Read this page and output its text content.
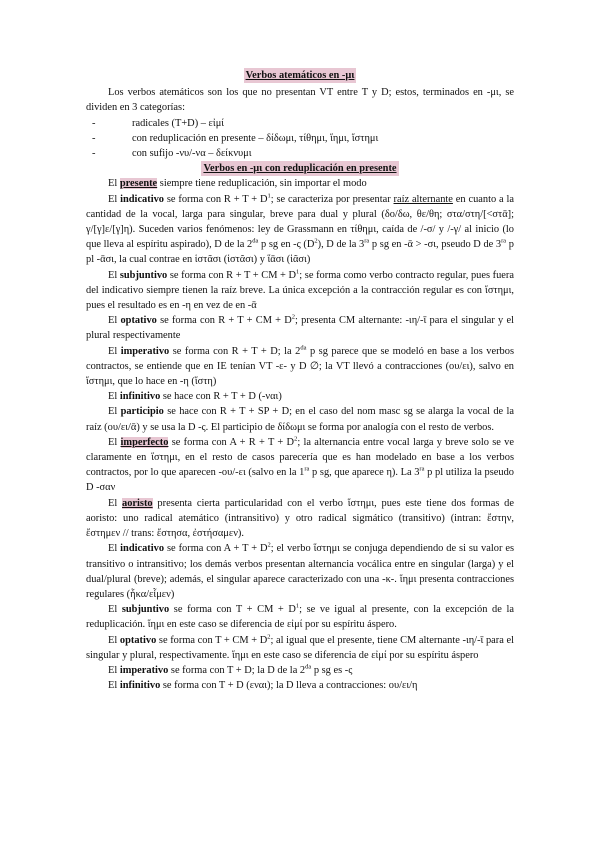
Verbos atemáticos en -μι

Los verbos atemáticos son los que no presentan VT entre T y D; estos, terminados en -μι, se dividen en 3 categorías:

- radicales (T+D) – εἰμί
- con reduplicación en presente – δίδωμι, τίθημι, ἵημι, ἵστημι
- con sufijo -νυ/-να – δείκνυμι

Verbos en -μι con reduplicación en presente

El presente siempre tiene reduplicación, sin importar el modo

El indicativo se forma con $R + T + D^1$; se caracteriza por presentar raíz alternante en cuanto a la cantidad de la vocal, larga para singular, breve para dual y plural (δο/δω, θε/θη; στα/στη/[<στᾱ]; γ/[γ]ε/[γ]η). Suceden varios fenómenos: ley de Grassmann en τίθημι, caída de /-σ/ y /-γ/ al inicio (lo que lleva al espíritu aspirado), D de la $2^{da}$ p sg en -ς $(D^2)$, D de la $3^{ra}$ p sg en -ᾱ > -σι, pseudo D de $3^{ra}$ p pl -ᾱσι, la cual contrae en ἱστᾶσι (ἱστᾶσι) y ἵᾱσι (ἱᾶσι)

El subjuntivo se forma con R + T + CM + $D^1$; se forma como verbo contracto regular, pues fuera del indicativo siempre tienen la raíz breve. La única excepción a la contracción regular es con ἵστημι, pues el resultado es en -η en vez de en -ᾱ

El optativo se forma con R + T + CM + $D^2$; presenta CM alternante: -ιη/-ῑ para el singular y el plural respectivamente

El imperativo se forma con R + T + D; la $2^{da}$ p sg parece que se modeló en base a los verbos contractos, se entiende que en IE tenían VT -ε- y D ∅; la VT llevó a contracciones (ου/ει), salvo en ἵστημι, que lo hace en -η (ἵστη)

El infinitivo se hace con R + T + D (-ναι)

El participio se hace con R + T + SP + D; en el caso del nom masc sg se alarga la vocal de la raíz (ου/ει/ᾱ) y se usa la D -ς. El participio de δίδωμι se forma por analogía con el resto de verbos.

El imperfecto se forma con $A + R + T + D^2$; la alternancia entre vocal larga y breve solo se ve claramente en ἵστημι, en el resto de casos parecería que es han modelado en base a los verbos contractos, por lo que aparecen -ου/-ει (salvo en la $1^{ra}$ p sg, que aparece η). La $3^{ra}$ p pl utiliza la pseudo D -σαν

El aoristo presenta cierta particularidad con el verbo ἵστημι, pues este tiene dos formas de aoristo: uno radical atemático (intransitivo) y otro radical sigmático (transitivo) (intran: ἔστην, ἔστημεν // trans: ἔστησα, ἐστήσαμεν).

El indicativo se forma con $A + T + D^2$; el verbo ἵστημι se conjuga dependiendo de si su valor es transitivo o intransitivo; los demás verbos presentan alternancia vocálica entre en singular (larga) y el dual/plural (breve); además, el singular aparece caracterizado con una -κ-. ἵημι presenta contracciones regulares (ἧκα/εἷμεν)

El subjuntivo se forma con T + CM + $D^1$; se ve igual al presente, con la excepción de la reduplicación. ἵημι en este caso se diferencia de εἰμί por su espíritu áspero.

El optativo se forma con T + CM + $D^2$; al igual que el presente, tiene CM alternante -ιη/-ῑ para el singular y plural, respectivamente. ἵημι en este caso se diferencia de εἰμί por su espíritu áspero

El imperativo se forma con T + D; la D de la $2^{da}$ p sg es -ς

El infinitivo se forma con T + D (εναι); la D lleva a contracciones: ου/ει/η
